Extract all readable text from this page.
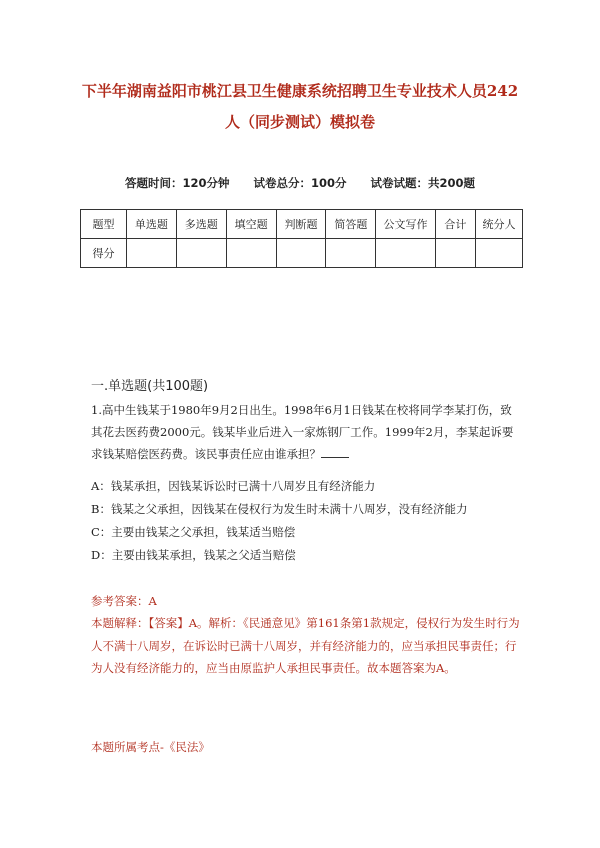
下半年湖南益阳市桃江县卫生健康系统招聘卫生专业技术人员242
人（同步测试）模拟卷
答题时间：120分钟 试卷总分：100分 试卷试题：共200题
题型	单选题	多选题	填空题	判断题	简答题	公文写作	合计	统分人
得分								
一.单选题(共100题)
1.高中生钱某于1980年9月2日出生。1998年6月1日钱某在校将同学李某打伤，致其花去医药费2000元。钱某毕业后进入一家炼钢厂工作。1999年2月，李某起诉要求钱某赔偿医药费。该民事责任应由谁承担？
A：钱某承担，因钱某诉讼时已满十八周岁且有经济能力
B：钱某之父承担，因钱某在侵权行为发生时未满十八周岁，没有经济能力
C：主要由钱某之父承担，钱某适当赔偿
D：主要由钱某承担，钱某之父适当赔偿
参考答案：A
本题解释：【答案】A。解析：《民通意见》第161条第1款规定，侵权行为发生时行为人不满十八周岁，在诉讼时已满十八周岁，并有经济能力的，应当承担民事责任；行为人没有经济能力的，应当由原监护人承担民事责任。故本题答案为A。
本题所属考点-《民法》
